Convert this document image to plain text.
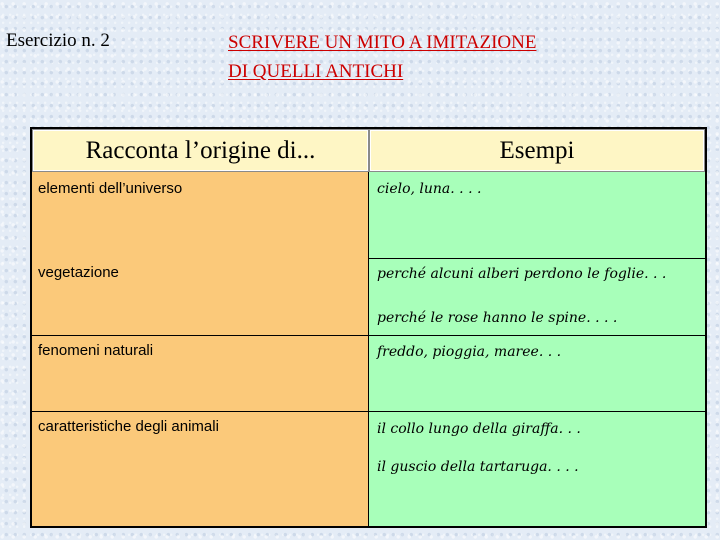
Esercizio n. 2	SCRIVERE UN MITO A IMITAZIONE
DI QUELLI ANTICHI
Racconta l’origine di...	Esempi
elementi dell’universo
vegetazione
fenomeni naturali
caratteristiche degli animali
cielo, luna. . . .
perché alcuni alberi perdono le foglie. . .
perché le rose hanno le spine. . . .
freddo, pioggia, maree. . .
il collo lungo della giraffa. . .
il guscio della tartaruga. . . .
